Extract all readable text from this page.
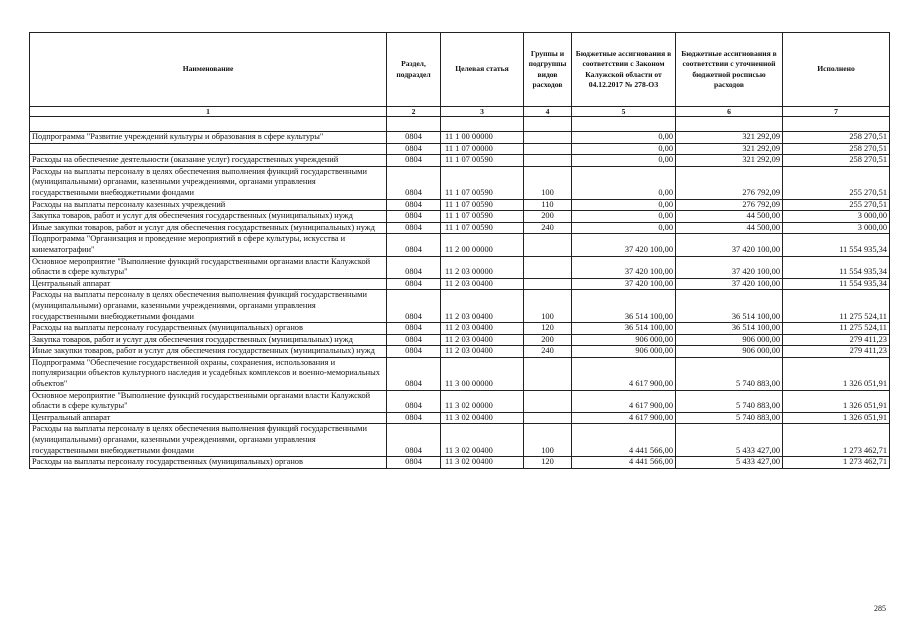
Наименование	Раздел, подраздел	Целевая статья	Группы и подгруппы видов расходов	Бюджетные ассигнования в соответствии с Законом Калужской области от 04.12.2017 № 278-ОЗ	Бюджетные ассигнования в соответствии с уточненной бюджетной росписью расходов	Исполнено
1	2	3	4	5	6	7

Подпрограмма "Развитие учреждений культуры и образования в сфере культуры"	0804	11 1 00 00000		0,00	321 292,09	258 270,51
	0804	11 1 07 00000		0,00	321 292,09	258 270,51
Расходы на обеспечение деятельности (оказание услуг) государственных учреждений	0804	11 1 07 00590		0,00	321 292,09	258 270,51
Расходы на выплаты персоналу в целях обеспечения выполнения функций государственными (муниципальными) органами, казенными учреждениями, органами управления государственными внебюджетными фондами	0804	11 1 07 00590	100	0,00	276 792,09	255 270,51
Расходы на выплаты персоналу казенных учреждений	0804	11 1 07 00590	110	0,00	276 792,09	255 270,51
Закупка товаров, работ и услуг для обеспечения государственных (муниципальных) нужд	0804	11 1 07 00590	200	0,00	44 500,00	3 000,00
Иные закупки товаров, работ и услуг для обеспечения государственных (муниципальных) нужд	0804	11 1 07 00590	240	0,00	44 500,00	3 000,00
Подпрограмма "Организация и проведение мероприятий в сфере культуры, искусства и кинематографии"	0804	11 2 00 00000		37 420 100,00	37 420 100,00	11 554 935,34
Основное мероприятие "Выполнение функций государственными органами власти Калужской области в сфере культуры"	0804	11 2 03 00000		37 420 100,00	37 420 100,00	11 554 935,34
Центральный аппарат	0804	11 2 03 00400		37 420 100,00	37 420 100,00	11 554 935,34
Расходы на выплаты персоналу в целях обеспечения выполнения функций государственными (муниципальными) органами, казенными учреждениями, органами управления государственными внебюджетными фондами	0804	11 2 03 00400	100	36 514 100,00	36 514 100,00	11 275 524,11
Расходы на выплаты персоналу государственных (муниципальных) органов	0804	11 2 03 00400	120	36 514 100,00	36 514 100,00	11 275 524,11
Закупка товаров, работ и услуг для обеспечения государственных (муниципальных) нужд	0804	11 2 03 00400	200	906 000,00	906 000,00	279 411,23
Иные закупки товаров, работ и услуг для обеспечения государственных (муниципальных) нужд	0804	11 2 03 00400	240	906 000,00	906 000,00	279 411,23
Подпрограмма "Обеспечение государственной охраны, сохранения, использования и популяризации объектов культурного наследия и усадебных комплексов и военно-мемориальных объектов"	0804	11 3 00 00000		4 617 900,00	5 740 883,00	1 326 051,91
Основное мероприятие "Выполнение функций государственными органами власти Калужской области в сфере культуры"	0804	11 3 02 00000		4 617 900,00	5 740 883,00	1 326 051,91
Центральный аппарат	0804	11 3 02 00400		4 617 900,00	5 740 883,00	1 326 051,91
Расходы на выплаты персоналу в целях обеспечения выполнения функций государственными (муниципальными) органами, казенными учреждениями, органами управления государственными внебюджетными фондами	0804	11 3 02 00400	100	4 441 566,00	5 433 427,00	1 273 462,71
Расходы на выплаты персоналу государственных (муниципальных) органов	0804	11 3 02 00400	120	4 441 566,00	5 433 427,00	1 273 462,71
285
